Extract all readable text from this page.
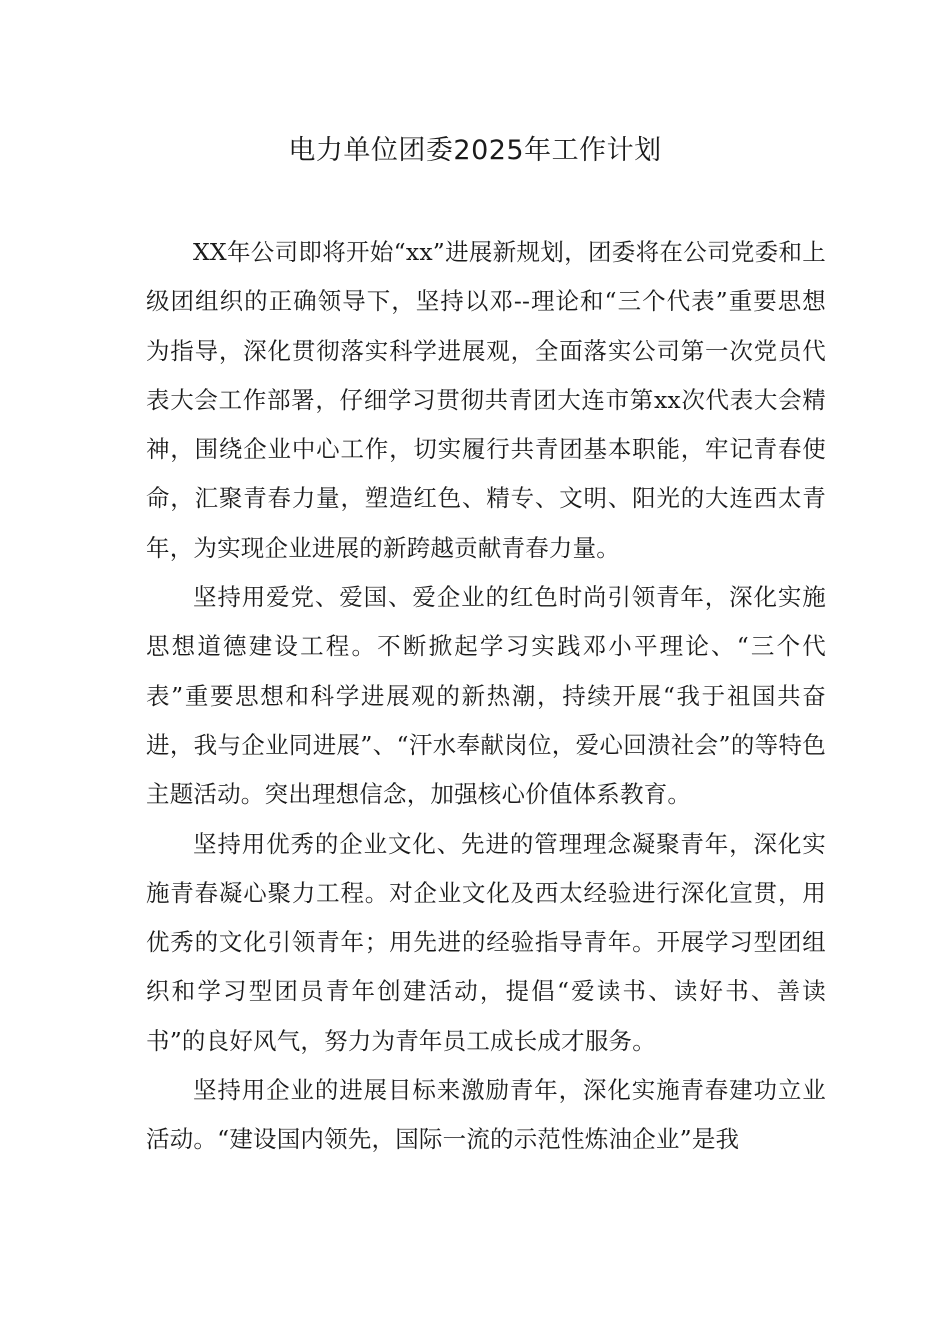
电力单位团委2025年工作计划

XX年公司即将开始“xx”进展新规划，团委将在公司党委和上级团组织的正确领导下，坚持以邓--理论和“三个代表”重要思想为指导，深化贯彻落实科学进展观，全面落实公司第一次党员代表大会工作部署，仔细学习贯彻共青团大连市第xx次代表大会精神，围绕企业中心工作，切实履行共青团基本职能，牢记青春使命，汇聚青春力量，塑造红色、精专、文明、阳光的大连西太青年，为实现企业进展的新跨越贡献青春力量。

坚持用爱党、爱国、爱企业的红色时尚引领青年，深化实施思想道德建设工程。不断掀起学习实践邓小平理论、“三个代表”重要思想和科学进展观的新热潮，持续开展“我于祖国共奋进，我与企业同进展”、“汗水奉献岗位，爱心回溃社会”的等特色主题活动。突出理想信念，加强核心价值体系教育。

坚持用优秀的企业文化、先进的管理理念凝聚青年，深化实施青春凝心聚力工程。对企业文化及西太经验进行深化宣贯，用优秀的文化引领青年；用先进的经验指导青年。开展学习型团组织和学习型团员青年创建活动，提倡“爱读书、读好书、善读书”的良好风气，努力为青年员工成长成才服务。

坚持用企业的进展目标来激励青年，深化实施青春建功立业活动。“建设国内领先，国际一流的示范性炼油企业”是我
